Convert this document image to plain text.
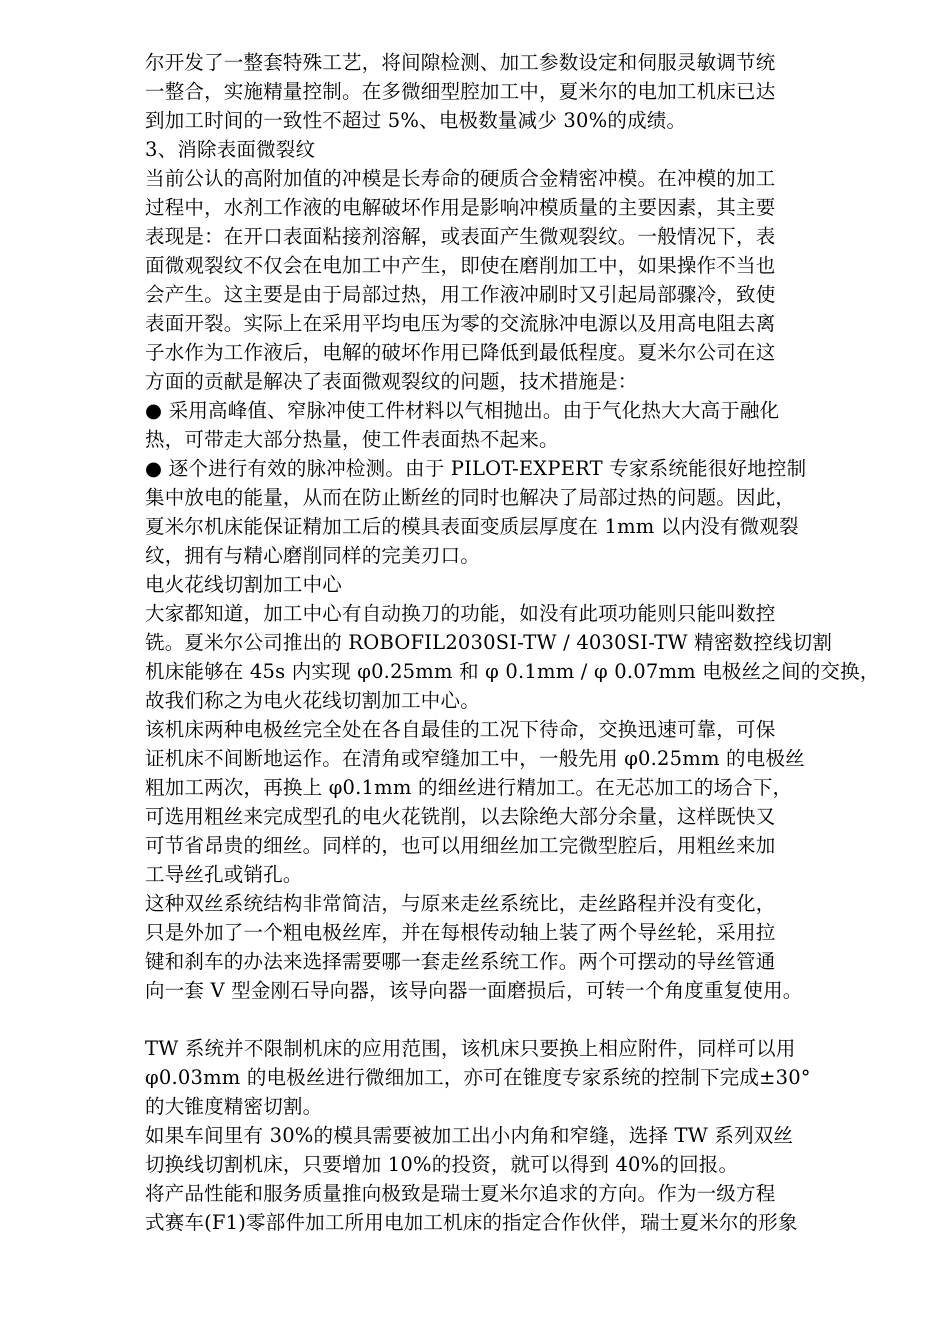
尔开发了一整套特殊工艺，将间隙检测、加工参数设定和伺服灵敏调节统
一整合，实施精量控制。在多微细型腔加工中，夏米尔的电加工机床已达
到加工时间的一致性不超过 5%、电极数量减少 30%的成绩。
3、消除表面微裂纹
当前公认的高附加值的冲模是长寿命的硬质合金精密冲模。在冲模的加工
过程中，水剂工作液的电解破坏作用是影响冲模质量的主要因素，其主要
表现是：在开口表面粘接剂溶解，或表面产生微观裂纹。一般情况下，表
面微观裂纹不仅会在电加工中产生，即使在磨削加工中，如果操作不当也
会产生。这主要是由于局部过热，用工作液冲刷时又引起局部骤冷，致使
表面开裂。实际上在采用平均电压为零的交流脉冲电源以及用高电阻去离
子水作为工作液后，电解的破坏作用已降低到最低程度。夏米尔公司在这
方面的贡献是解决了表面微观裂纹的问题，技术措施是：
● 采用高峰值、窄脉冲使工件材料以气相抛出。由于气化热大大高于融化
热，可带走大部分热量，使工件表面热不起来。
● 逐个进行有效的脉冲检测。由于 PILOT-EXPERT 专家系统能很好地控制
集中放电的能量，从而在防止断丝的同时也解决了局部过热的问题。因此，
夏米尔机床能保证精加工后的模具表面变质层厚度在 1mm 以内没有微观裂
纹，拥有与精心磨削同样的完美刃口。
电火花线切割加工中心
大家都知道，加工中心有自动换刀的功能，如没有此项功能则只能叫数控
铣。夏米尔公司推出的 ROBOFIL2030SI-TW / 4030SI-TW 精密数控线切割
机床能够在 45s 内实现 φ0.25mm 和 φ 0.1mm / φ 0.07mm 电极丝之间的交换，
故我们称之为电火花线切割加工中心。
该机床两种电极丝完全处在各自最佳的工况下待命，交换迅速可靠，可保
证机床不间断地运作。在清角或窄缝加工中，一般先用 φ0.25mm 的电极丝
粗加工两次，再换上 φ0.1mm 的细丝进行精加工。在无芯加工的场合下，
可选用粗丝来完成型孔的电火花铣削，以去除绝大部分余量，这样既快又
可节省昂贵的细丝。同样的，也可以用细丝加工完微型腔后，用粗丝来加
工导丝孔或销孔。
这种双丝系统结构非常简洁，与原来走丝系统比，走丝路程并没有变化，
只是外加了一个粗电极丝库，并在每根传动轴上装了两个导丝轮，采用拉
键和刹车的办法来选择需要哪一套走丝系统工作。两个可摆动的导丝管通
向一套 V 型金刚石导向器，该导向器一面磨损后，可转一个角度重复使用。
TW 系统并不限制机床的应用范围，该机床只要换上相应附件，同样可以用
φ0.03mm 的电极丝进行微细加工，亦可在锥度专家系统的控制下完成±30°
的大锥度精密切割。
如果车间里有 30%的模具需要被加工出小内角和窄缝，选择 TW 系列双丝
切换线切割机床，只要增加 10%的投资，就可以得到 40%的回报。
将产品性能和服务质量推向极致是瑞士夏米尔追求的方向。作为一级方程
式赛车(F1)零部件加工所用电加工机床的指定合作伙伴，瑞士夏米尔的形象
